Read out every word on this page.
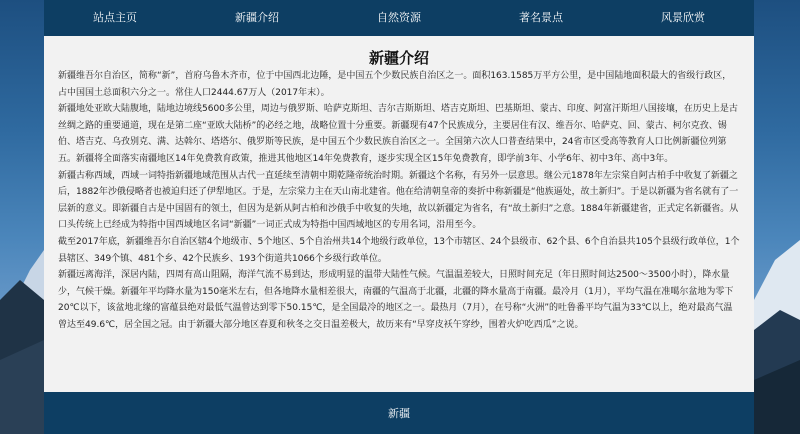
站点主页	新疆介绍	自然资源	著名景点	风景欣赏
新疆介绍

新疆维吾尔自治区，简称“新”，首府乌鲁木齐市，位于中国西北边陲，是中国五个少数民族自治区之一。面积163.1585万平方公里，是中国陆地面积最大的省级行政区，占中国国土总面积六分之一。常住人口2444.67万人（2017年末）。

新疆地处亚欧大陆腹地，陆地边境线5600多公里，周边与俄罗斯、哈萨克斯坦、吉尔吉斯斯坦、塔吉克斯坦、巴基斯坦、蒙古、印度、阿富汗斯坦八国接壤，在历史上是古丝绸之路的重要通道，现在是第二座“亚欧大陆桥”的必经之地，战略位置十分重要。新疆现有47个民族成分，主要居住有汉、维吾尔、哈萨克、回、蒙古、柯尔克孜、锡伯、塔吉克、乌孜别克、满、达斡尔、塔塔尔、俄罗斯等民族，是中国五个少数民族自治区之一。全国第六次人口普查结果中，24省市区受高等教育人口比例新疆位列第五。新疆将全面落实南疆地区14年免费教育政策，推进其他地区14年免费教育，逐步实现全区15年免费教育，即学前3年、小学6年、初中3年、高中3年。

新疆古称西域，西域一词特指新疆地域范围从古代一直延续至清朝中期乾隆帝统治时期。新疆这个名称，有另外一层意思。继公元1878年左宗棠自阿古柏手中收复了新疆之后，1882年沙俄侵略者也被迫归还了伊犁地区。于是，左宗棠力主在天山南北建省。他在给清朝皇帝的奏折中称新疆是“他族逼处，故土新归”。于是以新疆为省名就有了一层新的意义。即新疆自古是中国固有的领土，但因为是新从阿古柏和沙俄手中收复的失地，故以新疆定为省名，有“故土新归”之意。1884年新疆建省，正式定名新疆省。从口头传统上已经成为特指中国西域地区名词“新疆”一词正式成为特指中国西域地区的专用名词，沿用至今。

截至2017年底，新疆维吾尔自治区辖4个地级市、5个地区、5个自治州共14个地级行政单位，13个市辖区、24个县级市、62个县、6个自治县共105个县级行政单位，1个县辖区、349个镇、481个乡、42个民族乡、193个街道共1066个乡级行政单位。

新疆远离海洋，深居内陆，四周有高山阻隔，海洋气流不易到达，形成明显的温带大陆性气候。气温温差较大，日照时间充足（年日照时间达2500～3500小时），降水量少，气候干燥。新疆年平均降水量为150毫米左右，但各地降水量相差很大，南疆的气温高于北疆，北疆的降水量高于南疆。最冷月（1月），平均气温在准噶尔盆地为零下20℃以下，该盆地北缘的富蕴县绝对最低气温曾达到零下50.15℃，是全国最冷的地区之一。最热月（7月），在号称“火洲”的吐鲁番平均气温为33℃以上，绝对最高气温曾达至49.6℃，居全国之冠。由于新疆大部分地区春夏和秋冬之交日温差极大，故历来有“早穿皮袄午穿纱，围着火炉吃西瓜”之说。

新疆
